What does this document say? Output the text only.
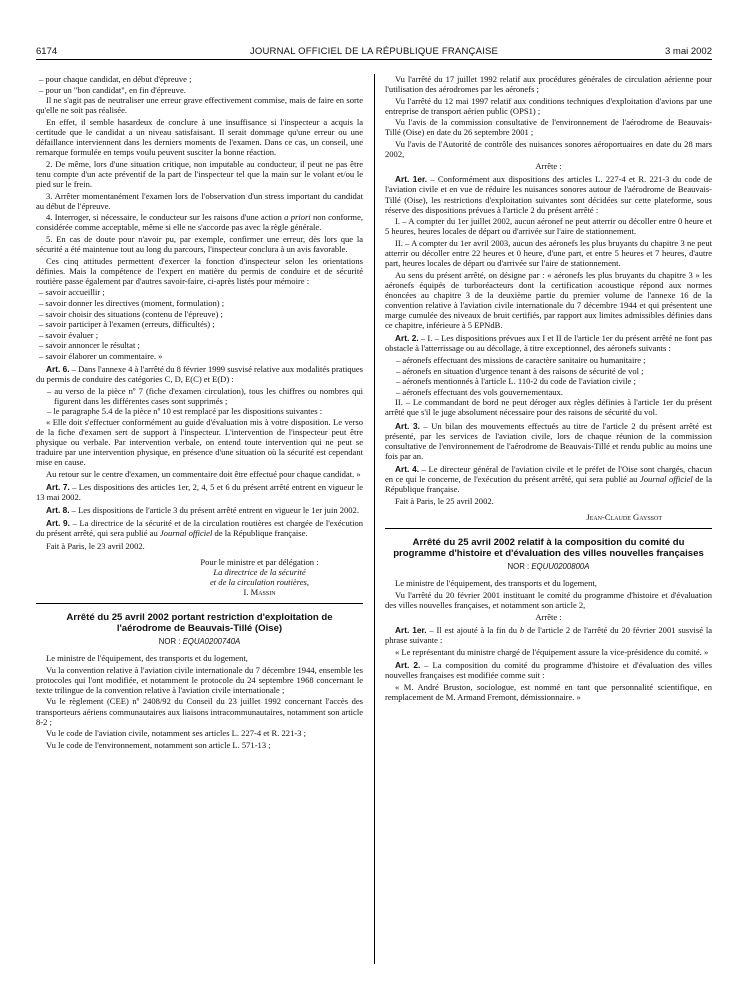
6174	JOURNAL OFFICIEL DE LA RÉPUBLIQUE FRANÇAISE	3 mai 2002
– pour chaque candidat, en début d'épreuve ;
– pour un "bon candidat", en fin d'épreuve.

Il ne s'agit pas de neutraliser une erreur grave effectivement commise, mais de faire en sorte qu'elle ne soit pas réalisée.

En effet, il semble hasardeux de conclure à une insuffisance si l'inspecteur a acquis la certitude que le candidat a un niveau satisfaisant. Il serait dommage qu'une erreur ou une défaillance interviennent dans les derniers moments de l'examen. Dans ce cas, un conseil, une remarque formulée en temps voulu peuvent susciter la bonne réaction.

2. De même, lors d'une situation critique, non imputable au conducteur, il peut ne pas être tenu compte d'un acte préventif de la part de l'inspecteur tel que la main sur le volant et/ou le pied sur le frein.

3. Arrêter momentanément l'examen lors de l'observation d'un stress important du candidat au début de l'épreuve.

4. Interroger, si nécessaire, le conducteur sur les raisons d'une action a priori non conforme, considérée comme acceptable, même si elle ne s'accorde pas avec la règle générale.

5. En cas de doute pour n'avoir pu, par exemple, confirmer une erreur, dès lors que la sécurité a été maintenue tout au long du parcours, l'inspecteur conclura à un avis favorable.

Ces cinq attitudes permettent d'exercer la fonction d'inspecteur selon les orientations définies. Mais la compétence de l'expert en matière du permis de conduire et de sécurité routière passe également par d'autres savoir-faire, ci-après listés pour mémoire :

– savoir accueillir ;
– savoir donner les directives (moment, formulation) ;
– savoir choisir des situations (contenu de l'épreuve) ;
– savoir participer à l'examen (erreurs, difficultés) ;
– savoir évaluer ;
– savoir annoncer le résultat ;
– savoir élaborer un commentaire. »

Art. 6. – Dans l'annexe 4 à l'arrêté du 8 février 1999 susvisé relative aux modalités pratiques du permis de conduire des catégories C, D, E(C) et E(D) :

– au verso de la pièce nº 7 (fiche d'examen circulation), tous les chiffres ou nombres qui figurent dans les différentes cases sont supprimés ;
– le paragraphe 5.4 de la pièce nº 10 est remplacé par les dispositions suivantes :

« Elle doit s'effectuer conformément au guide d'évaluation mis à votre disposition. Le verso de la fiche d'examen sert de support à l'inspecteur. L'intervention de l'inspecteur peut être physique ou verbale. Par intervention verbale, on entend toute intervention qui ne peut se traduire par une intervention physique, en présence d'une situation où la sécurité est cependant mise en cause.

Au retour sur le centre d'examen, un commentaire doit être effectué pour chaque candidat. »

Art. 7. – Les dispositions des articles 1er, 2, 4, 5 et 6 du présent arrêté entrent en vigueur le 13 mai 2002.

Art. 8. – Les dispositions de l'article 3 du présent arrêté entrent en vigueur le 1er juin 2002.

Art. 9. – La directrice de la sécurité et de la circulation routières est chargée de l'exécution du présent arrêté, qui sera publié au Journal officiel de la République française.

Fait à Paris, le 23 avril 2002.

Pour le ministre et par délégation :

La directrice de la sécurité

et de la circulation routières,

I. Massin

Arrêté du 25 avril 2002 portant restriction d'exploitation de l'aérodrome de Beauvais-Tillé (Oise)
NOR : EQUA0200740A

Le ministre de l'équipement, des transports et du logement,

Vu la convention relative à l'aviation civile internationale du 7 décembre 1944, ensemble les protocoles qui l'ont modifiée, et notamment le protocole du 24 septembre 1968 concernant le texte trilingue de la convention relative à l'aviation civile internationale ;

Vu le règlement (CEE) nº 2408/92 du Conseil du 23 juillet 1992 concernant l'accès des transporteurs aériens communautaires aux liaisons intracommunautaires, notamment son article 8-2 ;

Vu le code de l'aviation civile, notamment ses articles L. 227-4 et R. 221-3 ;

Vu le code de l'environnement, notamment son article L. 571-13 ;

Vu l'arrêté du 17 juillet 1992 relatif aux procédures générales de circulation aérienne pour l'utilisation des aérodromes par les aéronefs ;

Vu l'arrêté du 12 mai 1997 relatif aux conditions techniques d'exploitation d'avions par une entreprise de transport aérien public (OPS1) ;

Vu l'avis de la commission consultative de l'environnement de l'aérodrome de Beauvais-Tillé (Oise) en date du 26 septembre 2001 ;

Vu l'avis de l'Autorité de contrôle des nuisances sonores aéroportuaires en date du 28 mars 2002,

Arrête :

Art. 1er. – Conformément aux dispositions des articles L. 227-4 et R. 221-3 du code de l'aviation civile et en vue de réduire les nuisances sonores autour de l'aérodrome de Beauvais-Tillé (Oise), les restrictions d'exploitation suivantes sont décidées sur cette plateforme, sous réserve des dispositions prévues à l'article 2 du présent arrêté :

I. – A compter du 1er juillet 2002, aucun aéronef ne peut atterrir ou décoller entre 0 heure et 5 heures, heures locales de départ ou d'arrivée sur l'aire de stationnement.

II. – A compter du 1er avril 2003, aucun des aéronefs les plus bruyants du chapitre 3 ne peut atterrir ou décoller entre 22 heures et 0 heure, d'une part, et entre 5 heures et 7 heures, d'autre part, heures locales de départ ou d'arrivée sur l'aire de stationnement.

Au sens du présent arrêté, on désigne par : « aéronefs les plus bruyants du chapitre 3 » les aéronefs équipés de turboréacteurs dont la certification acoustique répond aux normes énoncées au chapitre 3 de la deuxième partie du premier volume de l'annexe 16 de la convention relative à l'aviation civile internationale du 7 décembre 1944 et qui présentent une marge cumulée des niveaux de bruit certifiés, par rapport aux limites admissibles définies dans ce chapitre, inférieure à 5 EPNdB.

Art. 2. – I. – Les dispositions prévues aux I et II de l'article 1er du présent arrêté ne font pas obstacle à l'atterrissage ou au décollage, à titre exceptionnel, des aéronefs suivants :

– aéronefs effectuant des missions de caractère sanitaire ou humanitaire ;
– aéronefs en situation d'urgence tenant à des raisons de sécurité de vol ;
– aéronefs mentionnés à l'article L. 110-2 du code de l'aviation civile ;
– aéronefs effectuant des vols gouvernementaux.

II. – Le commandant de bord ne peut déroger aux règles définies à l'article 1er du présent arrêté que s'il le juge absolument nécessaire pour des raisons de sécurité du vol.

Art. 3. – Un bilan des mouvements effectués au titre de l'article 2 du présent arrêté est présenté, par les services de l'aviation civile, lors de chaque réunion de la commission consultative de l'environnement de l'aérodrome de Beauvais-Tillé et rendu public au moins une fois par an.

Art. 4. – Le directeur général de l'aviation civile et le préfet de l'Oise sont chargés, chacun en ce qui le concerne, de l'exécution du présent arrêté, qui sera publié au Journal officiel de la République française.

Fait à Paris, le 25 avril 2002.

Jean-Claude Gayssot

Arrêté du 25 avril 2002 relatif à la composition du comité du programme d'histoire et d'évaluation des villes nouvelles françaises
NOR : EQUU0200800A

Le ministre de l'équipement, des transports et du logement,

Vu l'arrêté du 20 février 2001 instituant le comité du programme d'histoire et d'évaluation des villes nouvelles françaises, et notamment son article 2,

Arrête :

Art. 1er. – Il est ajouté à la fin du b de l'article 2 de l'arrêté du 20 février 2001 susvisé la phrase suivante :

« Le représentant du ministre chargé de l'équipement assure la vice-présidence du comité. »

Art. 2. – La composition du comité du programme d'histoire et d'évaluation des villes nouvelles françaises est modifiée comme suit :

« M. André Bruston, sociologue, est nommé en tant que personnalité scientifique, en remplacement de M. Armand Fremont, démissionnaire. »
